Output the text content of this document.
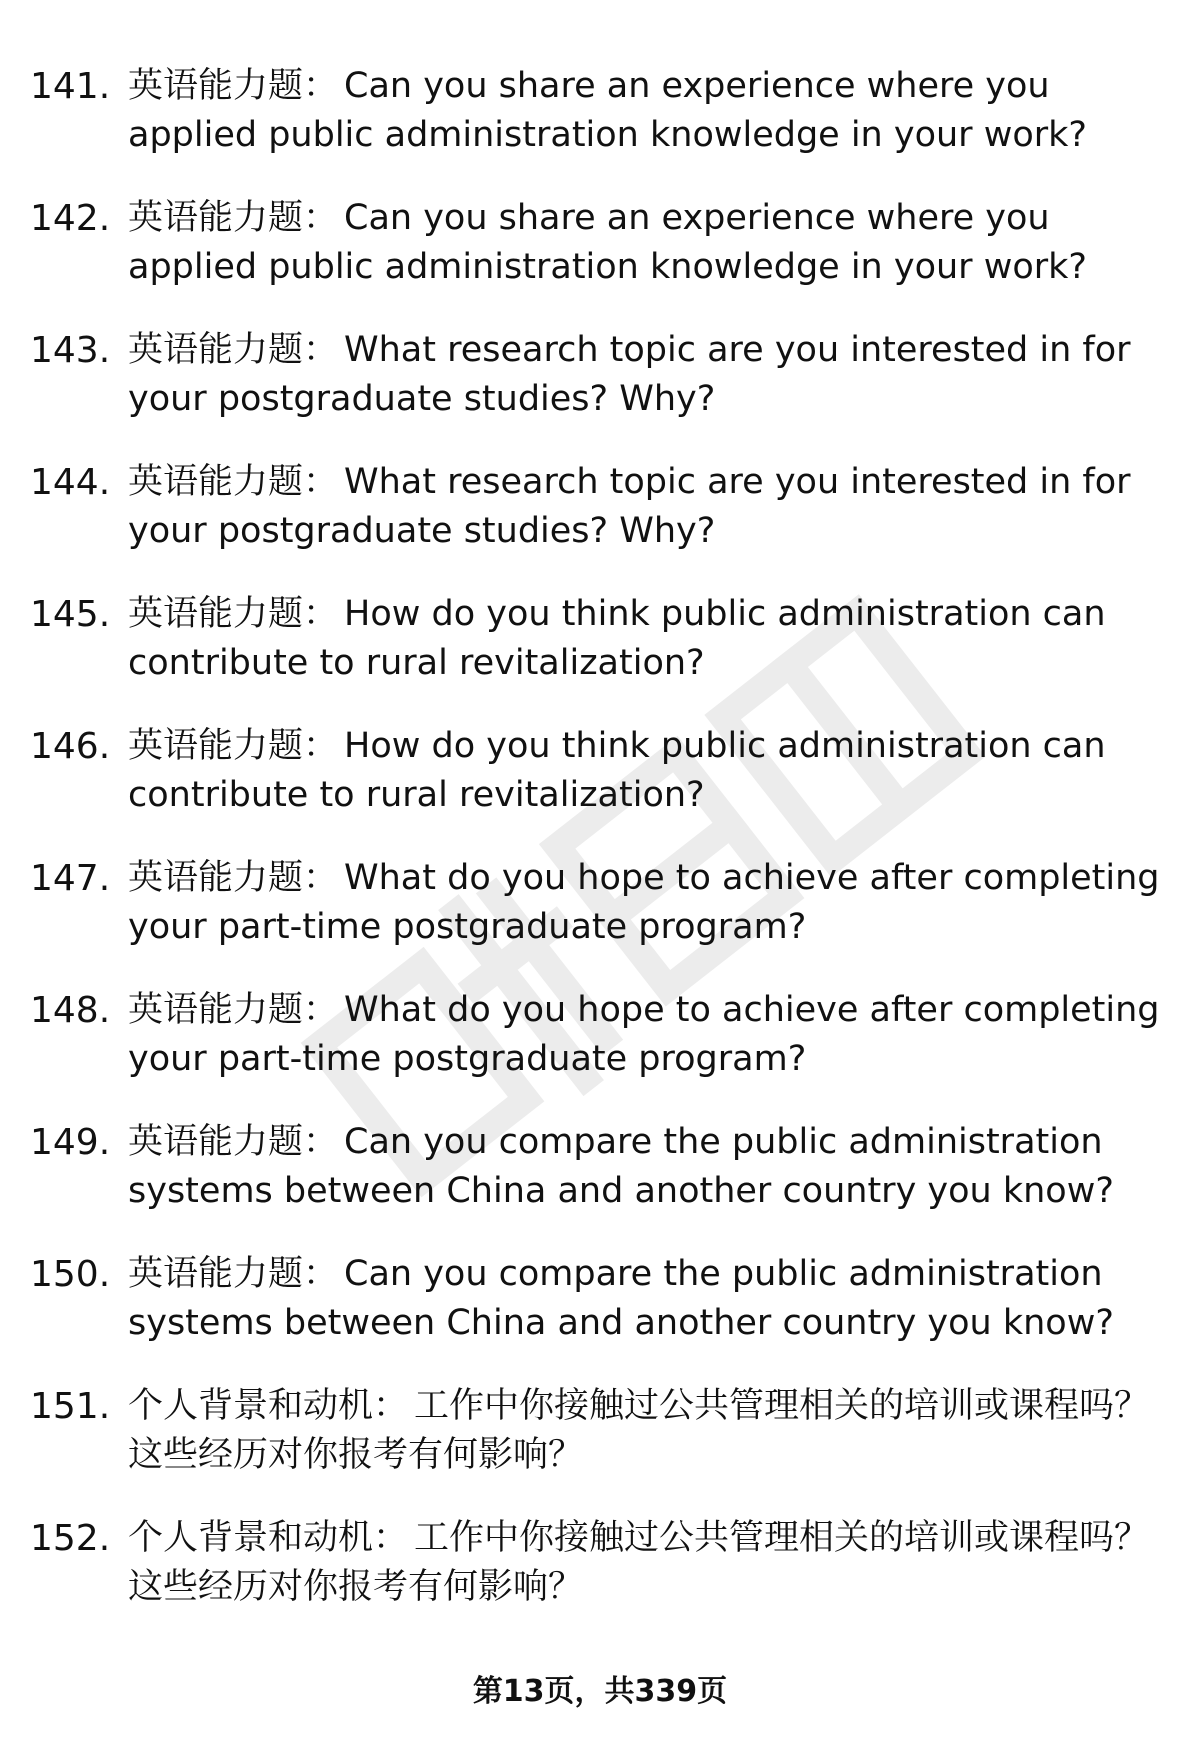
141. 英语能力题： Can you share an experience where you applied public administration knowledge in your work?
142. 英语能力题： Can you share an experience where you applied public administration knowledge in your work?
143. 英语能力题： What research topic are you interested in for your postgraduate studies? Why?
144. 英语能力题： What research topic are you interested in for your postgraduate studies? Why?
145. 英语能力题： How do you think public administration can contribute to rural revitalization?
146. 英语能力题： How do you think public administration can contribute to rural revitalization?
147. 英语能力题： What do you hope to achieve after completing your part-time postgraduate program?
148. 英语能力题： What do you hope to achieve after completing your part-time postgraduate program?
149. 英语能力题： Can you compare the public administration systems between China and another country you know?
150. 英语能力题： Can you compare the public administration systems between China and another country you know?
151. 个人背景和动机： 工作中你接触过公共管理相关的培训或课程吗？这些经历对你报考有何影响？
152. 个人背景和动机： 工作中你接触过公共管理相关的培训或课程吗？这些经历对你报考有何影响？
第13页，共339页
